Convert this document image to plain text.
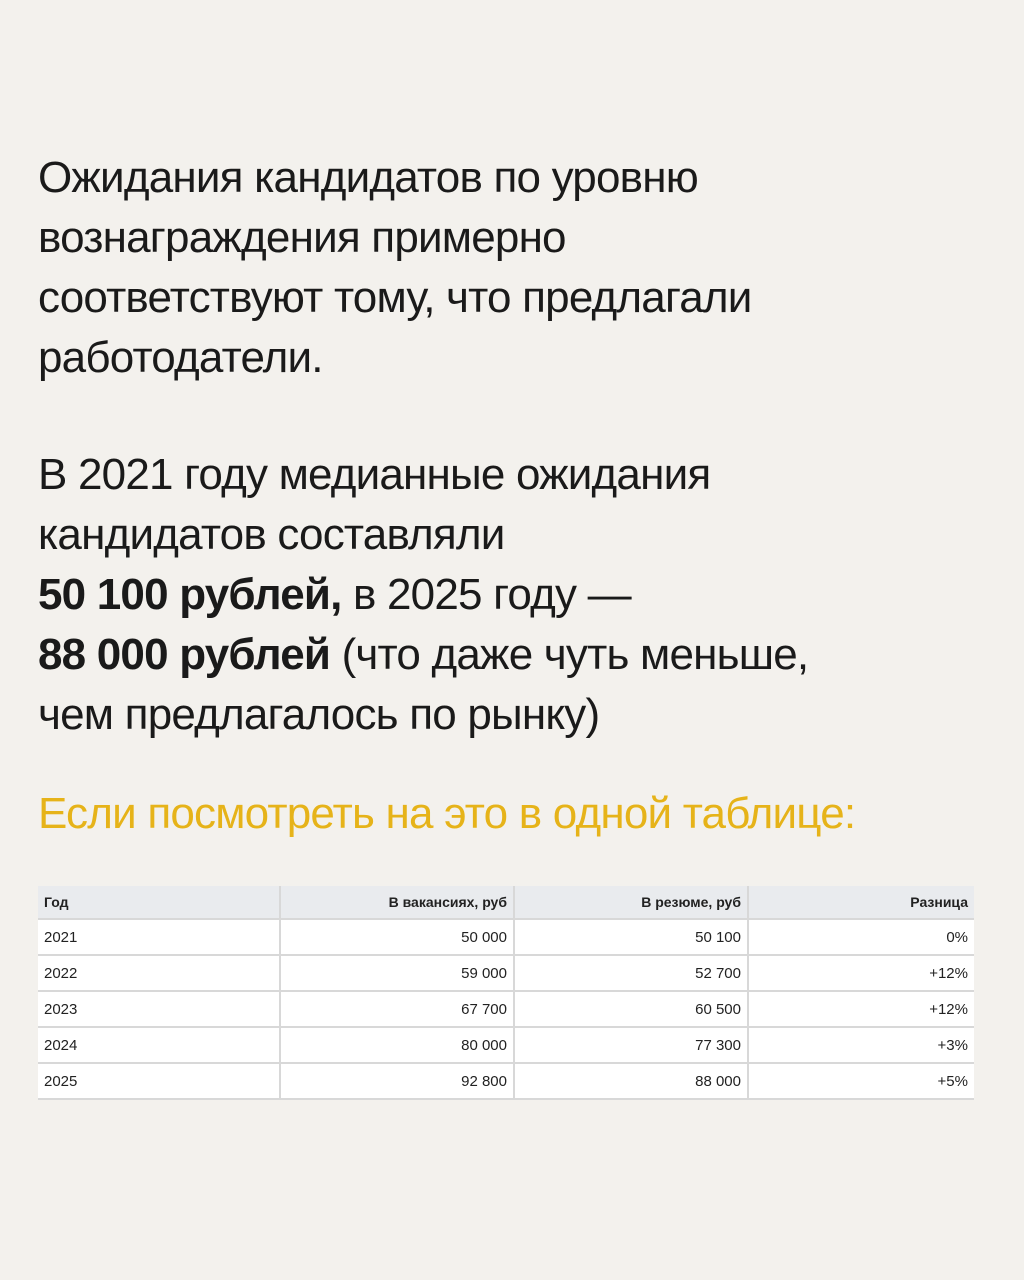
Ожидания кандидатов по уровню
вознаграждения примерно
соответствуют тому, что предлагали
работодатели.
В 2021 году медианные ожидания
кандидатов составляли
50 100 рублей, в 2025 году —
88 000 рублей (что даже чуть меньше,
чем предлагалось по рынку)

Если посмотреть на это в одной таблице:

Год	В вакансиях, руб	В резюме, руб	Разница
2021	50 000	50 100	0%
2022	59 000	52 700	+12%
2023	67 700	60 500	+12%
2024	80 000	77 300	+3%
2025	92 800	88 000	+5%
